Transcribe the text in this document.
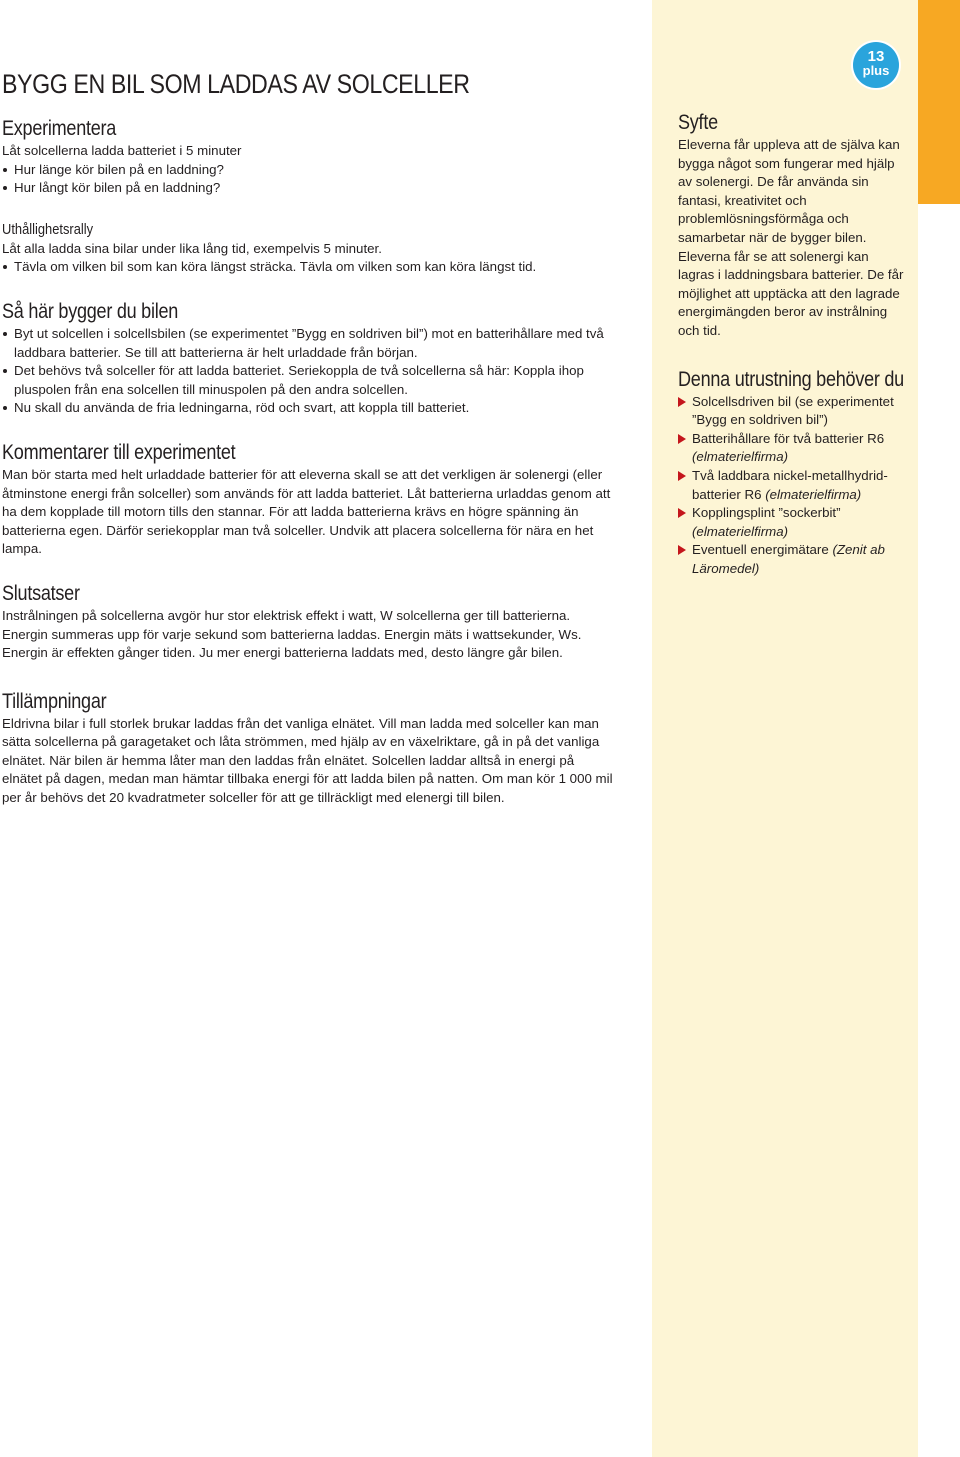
BYGG EN BIL SOM LADDAS AV SOLCELLER
Experimentera

Låt solcellerna ladda batteriet i 5 minuter

Hur länge kör bilen på en laddning?
Hur långt kör bilen på en laddning?
Uthållighetsrally

Låt alla ladda sina bilar under lika lång tid, exempelvis 5 minuter.

Tävla om vilken bil som kan köra längst sträcka. Tävla om vilken som kan köra längst tid.
Så här bygger du bilen
Byt ut solcellen i solcellsbilen (se experimentet ”Bygg en soldriven bil”) mot en batterihållare med två laddbara batterier. Se till att batterierna är helt urladdade från början.
Det behövs två solceller för att ladda batteriet. Seriekoppla de två solcellerna så här: Koppla ihop pluspolen från ena solcellen till minuspolen på den andra solcellen.
Nu skall du använda de fria ledningarna, röd och svart, att koppla till batteriet.
Kommentarer till experimentet

Man bör starta med helt urladdade batterier för att eleverna skall se att det verkligen är solenergi (eller åtminstone energi från solceller) som används för att ladda batteriet. Låt batterierna urladdas genom att ha dem kopplade till motorn tills den stannar. För att ladda batterierna krävs en högre spänning än batterierna egen. Därför seriekopplar man två solceller. Undvik att placera solcellerna för nära en het lampa.

Slutsatser

Instrålningen på solcellerna avgör hur stor elektrisk effekt i watt, W solcellerna ger till batterierna. Energin summeras upp för varje sekund som batterierna laddas. Energin mäts i wattsekunder, Ws. Energin är effekten gånger tiden. Ju mer energi batterierna laddats med, desto längre går bilen.

Tillämpningar

Eldrivna bilar i full storlek brukar laddas från det vanliga elnätet. Vill man ladda med solceller kan man sätta solcellerna på garagetaket och låta strömmen, med hjälp av en växelriktare, gå in på det vanliga elnätet. När bilen är hemma låter man den laddas från elnätet. Solcellen laddar alltså in energi på elnätet på dagen, medan man hämtar tillbaka energi för att ladda bilen på natten. Om man kör 1 000 mil per år behövs det 20 kvadratmeter solceller för att ge tillräckligt med elenergi till bilen.

Syfte

Eleverna får uppleva att de själva kan bygga något som fungerar med hjälp av solenergi. De får använda sin fantasi, kreativitet och problemlösningsförmåga och samarbetar när de bygger bilen. Eleverna får se att solenergi kan lagras i laddningsbara batterier. De får möjlighet att upptäcka att den lagrade energimängden beror av instrålning och tid.

Denna utrustning behöver du
Solcellsdriven bil (se experimentet ”Bygg en soldriven bil”)
Batterihållare för två batterier R6 (elmaterielfirma)
Två laddbara nickel-metallhydrid-batterier R6 (elmaterielfirma)
Kopplingsplint ”sockerbit” (elmaterielfirma)
Eventuell energimätare (Zenit ab Läromedel)
13
plus
